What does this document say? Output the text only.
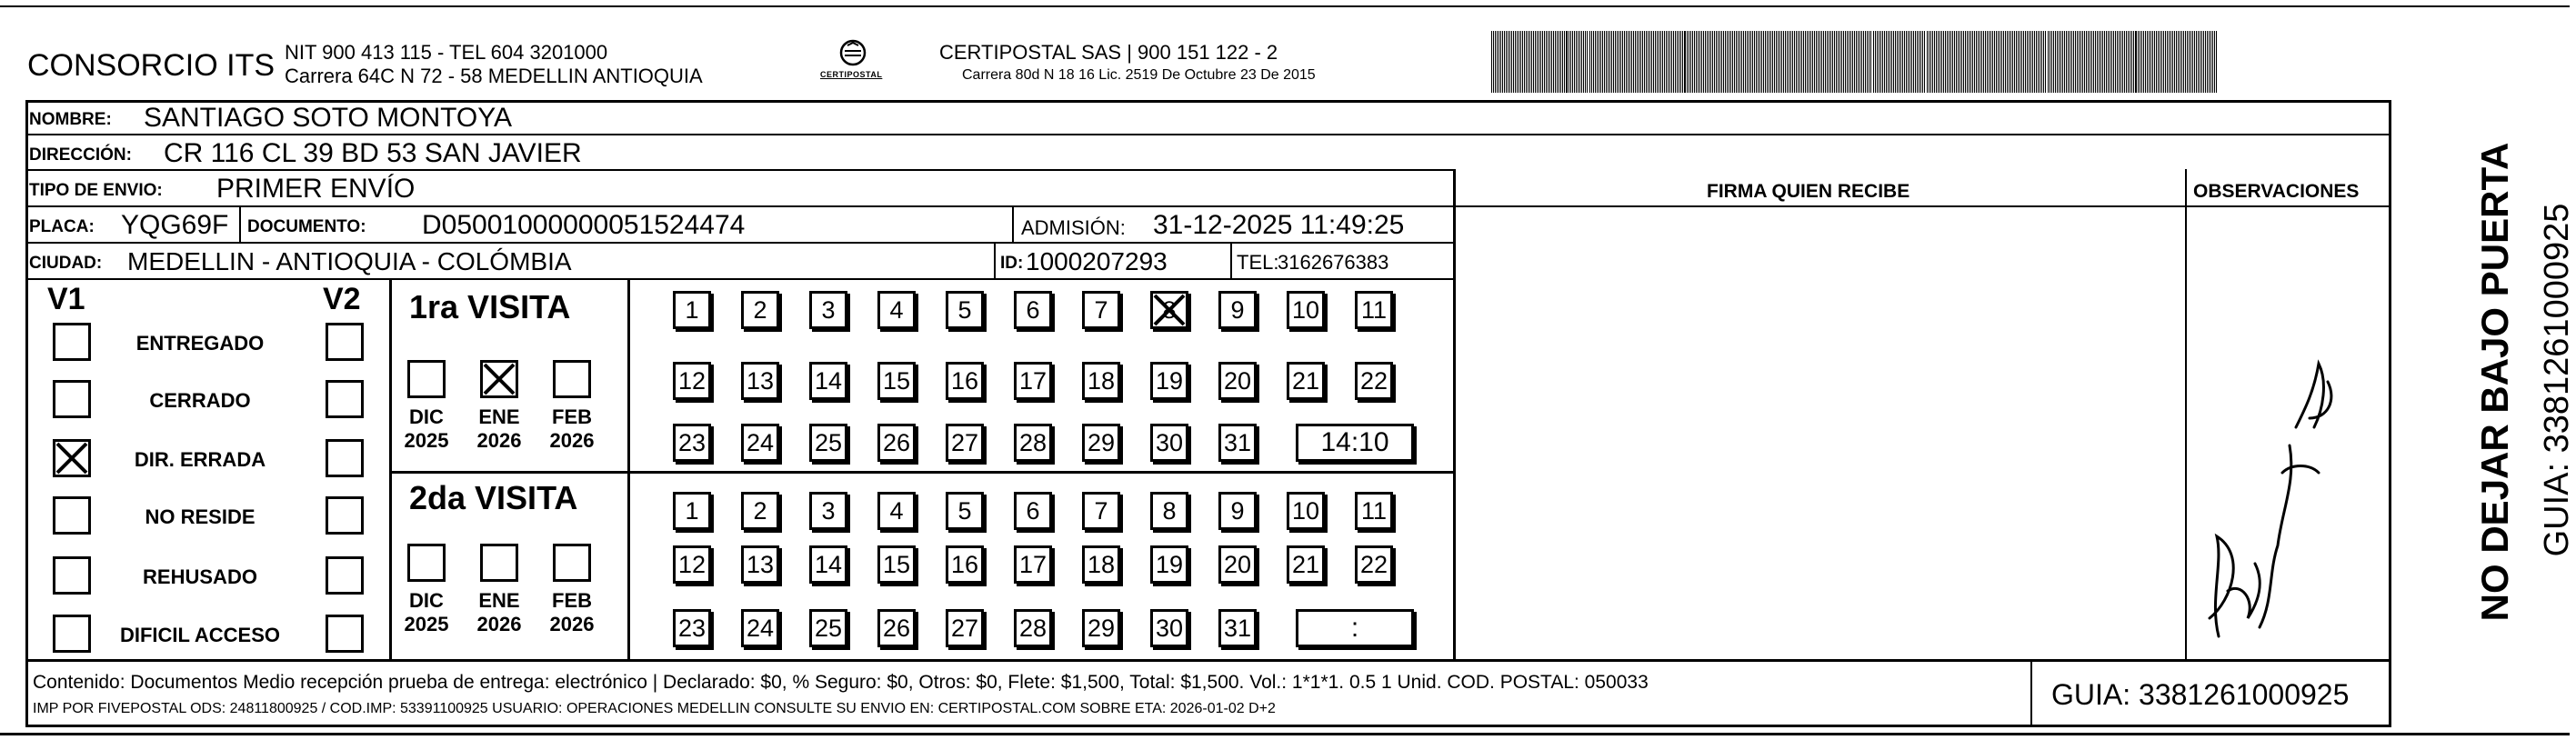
CONSORCIO ITS NIT 900 413 115 - TEL 604 3201000
Carrera 64C N 72 - 58 MEDELLIN ANTIOQUIA	CERTIPOSTAL
CERTIPOSTAL SAS | 900 151 122 - 2
Carrera 80d N 18 16 Lic. 2519 De Octubre 23 De 2015
NOMBRE: SANTIAGO SOTO MONTOYA
DIRECCIÓN: CR 116 CL 39 BD 53 SAN JAVIER
TIPO DE ENVIO: PRIMER ENVÍO
PLACA: YQG69F DOCUMENTO: D05001000000051524474	ADMISIÓN: 31-12-2025 11:49:25
CIUDAD: MEDELLIN - ANTIOQUIA - COLÓMBIA	ID: 1000207293	TEL:
3162676383
FIRMA QUIEN RECIBE	OBSERVACIONES	NO DEJAR BAJO PUERTA GUIA: 3381261000925
V1	V2
ENTREGADO
CERRADO
DIR. ERRADA
NO RESIDE
REHUSADO
DIFICIL ACCESO
1ra VISITA
DIC
2025
ENE
2026
FEB
2026
1 2 3 4 5 6 7 8 9 10 11
12 13 14 15 16 17 18 19 20 21 22
23 24 25 26 27 28 29 30 31	14:10
2da VISITA
DIC
2025
ENE
2026
FEB
2026
1 2 3 4 5 6 7 8 9 10 11
12 13 14 15 16 17 18 19 20 21 22
23 24 25 26 27 28 29 30 31	:
Contenido: Documentos Medio recepción prueba de entrega: electrónico | Declarado: $0, % Seguro: $0, Otros: $0, Flete: $1,500, Total: $1,500. Vol.: 1*1*1. 0.5 1 Unid. COD. POSTAL: 050033
IMP POR FIVEPOSTAL ODS: 24811800925 / COD.IMP: 53391100925 USUARIO: OPERACIONES MEDELLIN CONSULTE SU ENVIO EN: CERTIPOSTAL.COM SOBRE ETA: 2026-01-02 D+2	GUIA: 3381261000925
